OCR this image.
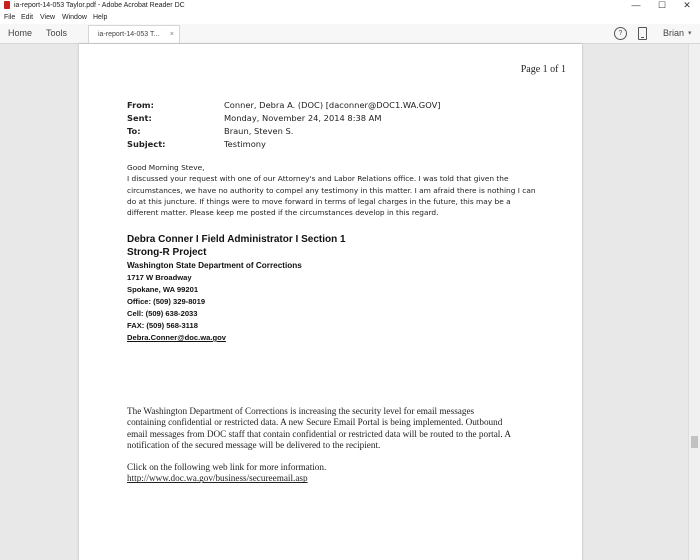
ia-report-14-053 Taylor.pdf - Adobe Acrobat Reader DC	—	☐	✕
File Edit View Window Help
Home Tools	ia-report-14-053 T... ×	?	Brian ▾
Page 1 of 1
From:	Conner, Debra A. (DOC) [daconner@DOC1.WA.GOV]
Sent:	Monday, November 24, 2014 8:38 AM
To:	Braun, Steven S.
Subject:	Testimony
Good Morning Steve,
I discussed your request with one of our Attorney's and Labor Relations office. I was told that given the
circumstances, we have no authority to compel any testimony in this matter. I am afraid there is nothing I can
do at this juncture. If things were to move forward in terms of legal charges in the future, this may be a
different matter. Please keep me posted if the circumstances develop in this regard.
Debra Conner I Field Administrator I Section 1
Strong-R Project
Washington State Department of Corrections
1717 W Broadway
Spokane, WA 99201
Office: (509) 329-8019
Cell: (509) 638-2033
FAX: (509) 568-3118
Debra.Conner@doc.wa.gov
The Washington Department of Corrections is increasing the security level for email messages
containing confidential or restricted data. A new Secure Email Portal is being implemented. Outbound
email messages from DOC staff that contain confidential or restricted data will be routed to the portal. A
notification of the secured message will be delivered to the recipient.
Click on the following web link for more information.
http://www.doc.wa.gov/business/secureemail.asp
